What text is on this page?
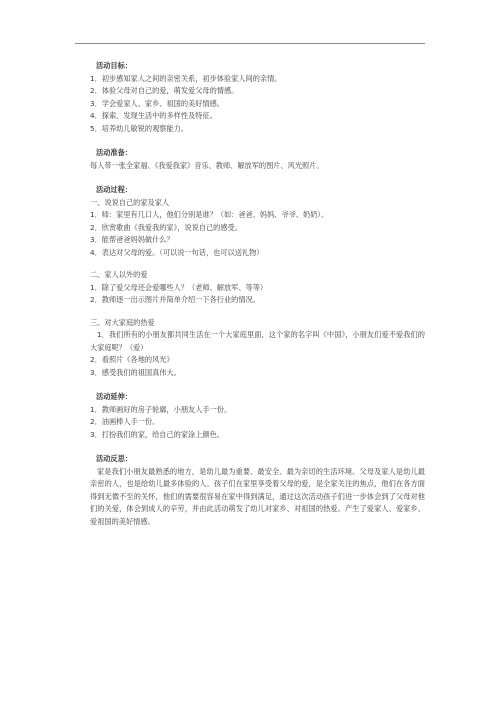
活动目标：
1．初步感知家人之间的亲密关系，初步体验家人间的亲情。
2．体验父母对自己的爱，萌发爱父母的情感。
3．学会爱家人、家乡、祖国的美好情感。
4．探索、发现生活中的多样性及特征。
5．培养幼儿敏锐的观察能力。
活动准备：
每人带一张全家福、《我爱我家》音乐、教师、解放军的图片、风光照片。
活动过程：
一、说说自己的家及家人
1．师：家里有几口人，他们分别是谁？（如：爸爸、妈妈、爷爷、奶奶）。
2．欣赏歌曲《我爱我的家》，说说自己的感受。
3．能帮爸爸妈妈做什么？
4．表达对父母的爱。（可以说一句话，也可以送礼物）
二、家人以外的爱
1．除了爱父母还会爱哪些人？（老师、解放军、等等）
2．教师逐一出示图片并简单介绍一下各行业的情况。
三、对大家庭的热爱
1．我们所有的小朋友都共同生活在一个大家庭里面，这个家的名字叫《中国》，小朋友们爱不爱我们的大家庭呢？（爱）
2．看照片《各地的风光》
3．感受我们的祖国真伟大。
活动延伸：
1．教师画好的房子轮廓，小朋友人手一份。
2．油画棒人手一份。
3．打扮我们的家，给自己的家涂上颜色。
活动反思：
家是我们小朋友最熟悉的地方，是幼儿最为重要、最安全、最为亲切的生活环境。父母及家人是幼儿最亲密的人，也是给幼儿最多体验的人。孩子们在家里享受着父母的爱，是全家关注的焦点，他们在各方面得到无微不至的关怀，他们的需要很容易在家中得到满足，通过这次活动孩子们进一步体会到了父母对他们的关爱，体会到成人的辛劳，并由此活动萌发了幼儿对家乡、对祖国的热爱。产生了爱家人、爱家乡、爱祖国的美好情感。
